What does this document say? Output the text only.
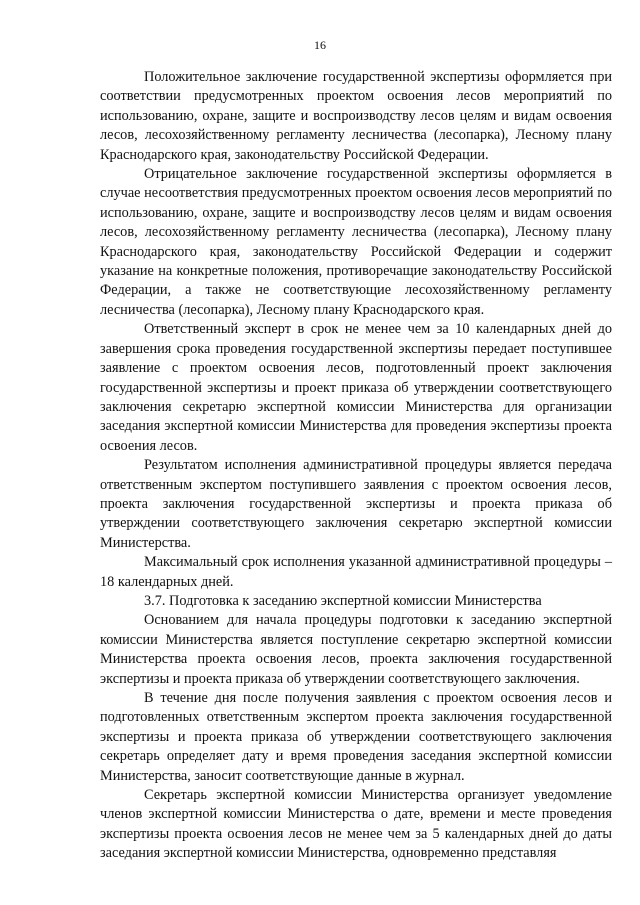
16

Положительное заключение государственной экспертизы оформляется при соответствии предусмотренных проектом освоения лесов мероприятий по использованию, охране, защите и воспроизводству лесов целям и видам освоения лесов, лесохозяйственному регламенту лесничества (лесопарка), Лесному плану Краснодарского края, законодательству Российской Федерации.

Отрицательное заключение государственной экспертизы оформляется в случае несоответствия предусмотренных проектом освоения лесов мероприятий по использованию, охране, защите и воспроизводству лесов целям и видам освоения лесов, лесохозяйственному регламенту лесничества (лесопарка), Лесному плану Краснодарского края, законодательству Российской Федерации и содержит указание на конкретные положения, противоречащие законодательству Российской Федерации, а также не соответствующие лесохозяйственному регламенту лесничества (лесопарка), Лесному плану Краснодарского края.

Ответственный эксперт в срок не менее чем за 10 календарных дней до завершения срока проведения государственной экспертизы передает поступившее заявление с проектом освоения лесов, подготовленный проект заключения государственной экспертизы и проект приказа об утверждении соответствующего заключения секретарю экспертной комиссии Министерства для организации заседания экспертной комиссии Министерства для проведения экспертизы проекта освоения лесов.

Результатом исполнения административной процедуры является передача ответственным экспертом поступившего заявления с проектом освоения лесов, проекта заключения государственной экспертизы и проекта приказа об утверждении соответствующего заключения секретарю экспертной комиссии Министерства.

Максимальный срок исполнения указанной административной процедуры – 18 календарных дней.

3.7. Подготовка к заседанию экспертной комиссии Министерства

Основанием для начала процедуры подготовки к заседанию экспертной комиссии Министерства является поступление секретарю экспертной комиссии Министерства проекта освоения лесов, проекта заключения государственной экспертизы и проекта приказа об утверждении соответствующего заключения.

В течение дня после получения заявления с проектом освоения лесов и подготовленных ответственным экспертом проекта заключения государственной экспертизы и проекта приказа об утверждении соответствующего заключения секретарь определяет дату и время проведения заседания экспертной комиссии Министерства, заносит соответствующие данные в журнал.

Секретарь экспертной комиссии Министерства организует уведомление членов экспертной комиссии Министерства о дате, времени и месте проведения экспертизы проекта освоения лесов не менее чем за 5 календарных дней до даты заседания экспертной комиссии Министерства, одновременно представляя
